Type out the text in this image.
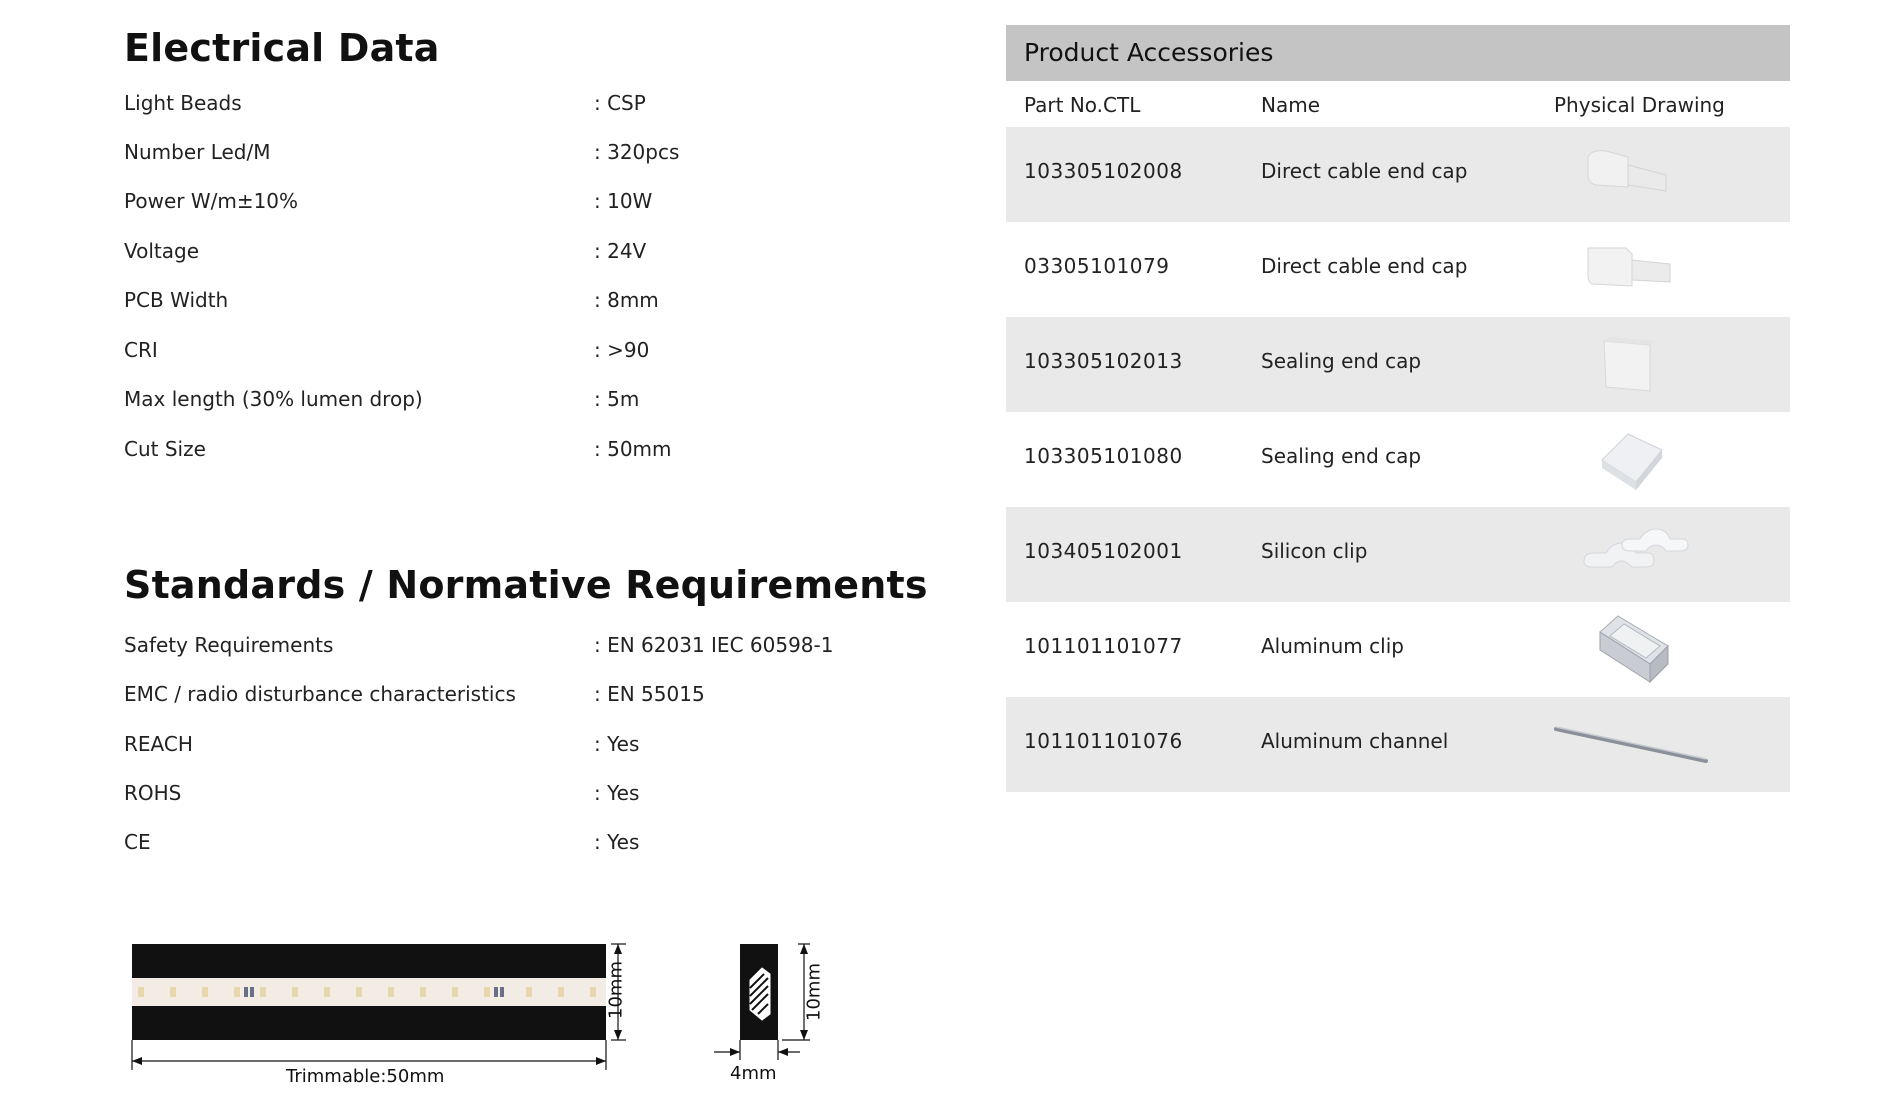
Electrical Data
Light Beads	: CSP
Number Led/M	: 320pcs
Power W/m±10%	: 10W
Voltage	: 24V
PCB Width	: 8mm
CRI	: >90
Max length (30% lumen drop)	: 5m
Cut Size	: 50mm
Standards / Normative Requirements
Safety Requirements	: EN 62031 IEC 60598-1
EMC / radio disturbance characteristics	: EN 55015
REACH	: Yes
ROHS	: Yes
CE	: Yes
10mm
Trimmable:50mm
10mm
4mm
Product Accessories
Part No.CTL	Name	Physical Drawing
103305102008	Direct cable end cap
03305101079	Direct cable end cap
103305102013	Sealing end cap
103305101080	Sealing end cap
103405102001	Silicon clip
101101101077	Aluminum clip
101101101076	Aluminum channel
